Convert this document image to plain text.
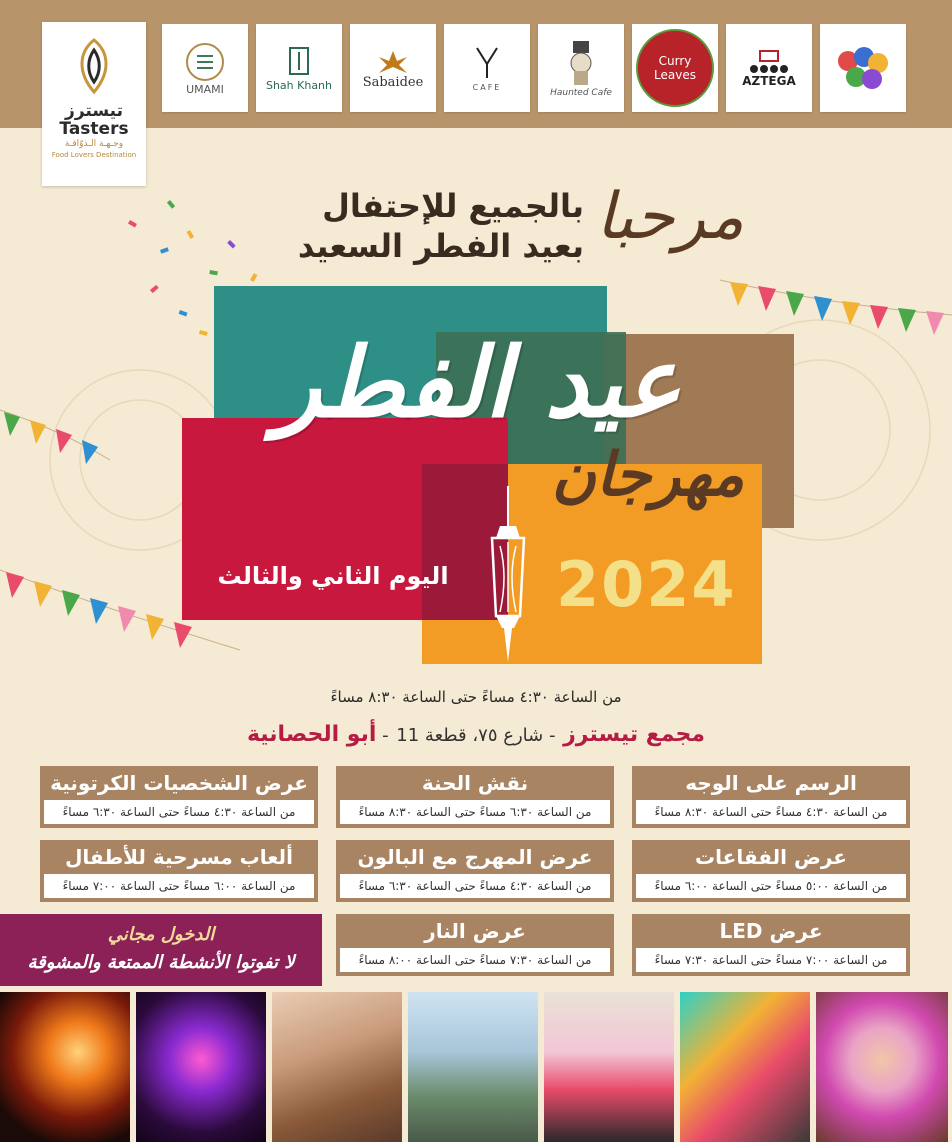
تيسترز
Tasters
وجـهـة الـذوّاقـة
Food Lovers Destination
UMAMI	Shah Khanh Sabaidee	CAFE
Haunted Cafe
Curry Leaves	AZTEGA
مرحبا
بالجميع للإحتفال
بعيد الفطر السعيد
عيد الفطر
مهرجان
2024
اليوم الثاني والثالث
من الساعة ٤:٣٠ مساءً حتى الساعة ٨:٣٠ مساءً
مجمع تيسترز - شارع ٧٥، قطعة 11 - أبو الحصانية
الرسم على الوجه
من الساعة ٤:٣٠ مساءً حتى الساعة ٨:٣٠ مساءً
نقش الحنة
من الساعة ٦:٣٠ مساءً حتى الساعة ٨:٣٠ مساءً
عرض الشخصيات الكرتونية
من الساعة ٤:٣٠ مساءً حتى الساعة ٦:٣٠ مساءً
عرض الفقاعات
من الساعة ٥:٠٠ مساءً حتى الساعة ٦:٠٠ مساءً
عرض المهرج مع البالون
من الساعة ٤:٣٠ مساءً حتى الساعة ٦:٣٠ مساءً
ألعاب مسرحية للأطفال
من الساعة ٦:٠٠ مساءً حتى الساعة ٧:٠٠ مساءً
عرض LED
من الساعة ٧:٠٠ مساءً حتى الساعة ٧:٣٠ مساءً
عرض النار
من الساعة ٧:٣٠ مساءً حتى الساعة ٨:٠٠ مساءً
الدخول مجاني
لا تفوتوا الأنشطة الممتعة والمشوقة
